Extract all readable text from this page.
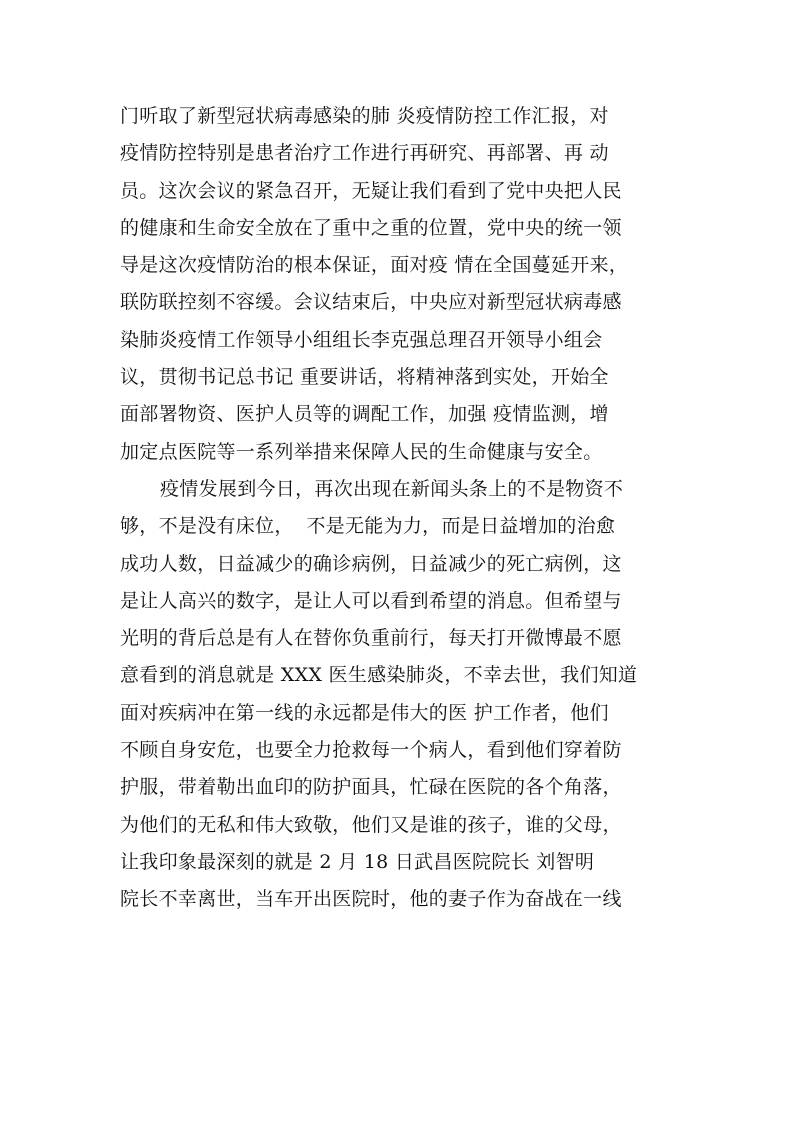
门听取了新型冠状病毒感染的肺 炎疫情防控工作汇报，对
疫情防控特别是患者治疗工作进行再研究、再部署、再 动
员。这次会议的紧急召开，无疑让我们看到了党中央把人民
的健康和生命安全放在了重中之重的位置，党中央的统一领
导是这次疫情防治的根本保证，面对疫 情在全国蔓延开来，
联防联控刻不容缓。会议结束后，中央应对新型冠状病毒感
染肺炎疫情工作领导小组组长李克强总理召开领导小组会
议，贯彻书记总书记 重要讲话，将精神落到实处，开始全
面部署物资、医护人员等的调配工作，加强 疫情监测，增
加定点医院等一系列举措来保障人民的生命健康与安全。
疫情发展到今日，再次出现在新闻头条上的不是物资不
够，不是没有床位，  不是无能为力，而是日益增加的治愈
成功人数，日益减少的确诊病例，日益减少的死亡病例，这
是让人高兴的数字，是让人可以看到希望的消息。但希望与
光明的背后总是有人在替你负重前行，每天打开微博最不愿
意看到的消息就是 XXX 医生感染肺炎，不幸去世，我们知道
面对疾病冲在第一线的永远都是伟大的医 护工作者，他们
不顾自身安危，也要全力抢救每一个病人，看到他们穿着防
护服，带着勒出血印的防护面具，忙碌在医院的各个角落，
为他们的无私和伟大致敬，他们又是谁的孩子，谁的父母，
让我印象最深刻的就是 2 月 18 日武昌医院院长 刘智明
院长不幸离世，当车开出医院时，他的妻子作为奋战在一线
